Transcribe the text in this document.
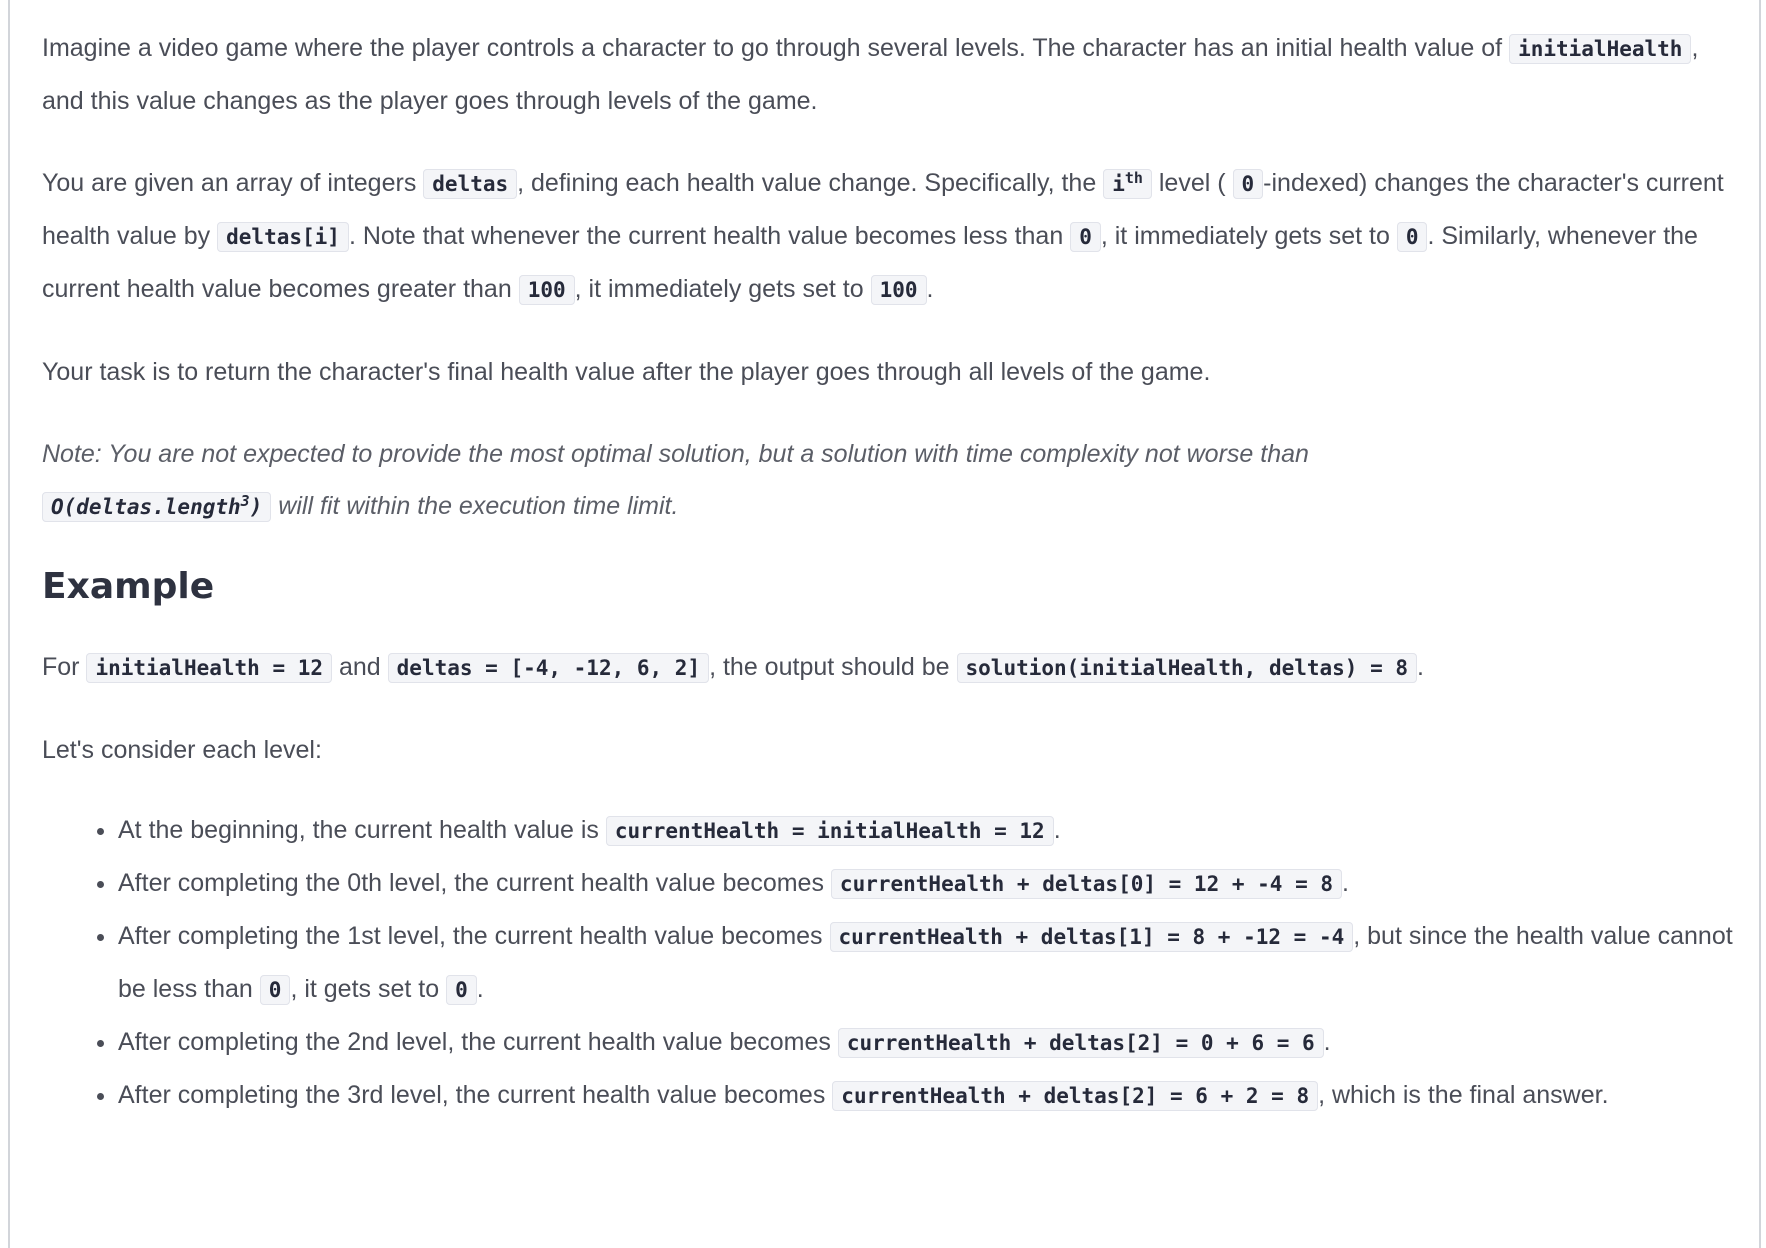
Imagine a video game where the player controls a character to go through several levels. The character has an initial health value of initialHealth , and this value changes as the player goes through levels of the game.

You are given an array of integers deltas , defining each health value change. Specifically, the $i^{th}$ level ( 0 -indexed) changes the character's current health value by deltas[i] . Note that whenever the current health value becomes less than 0 , it immediately gets set to 0 . Similarly, whenever the current health value becomes greater than 100 , it immediately gets set to 100 .

Your task is to return the character's final health value after the player goes through all levels of the game.

Note: You are not expected to provide the most optimal solution, but a solution with time complexity not worse than
O(deltas.length$^3$) will fit within the execution time limit.

Example

For initialHealth = 12 and deltas = [-4, -12, 6, 2] , the output should be solution(initialHealth, deltas) = 8 .

Let's consider each level:

• At the beginning, the current health value is currentHealth = initialHealth = 12 .
• After completing the 0th level, the current health value becomes currentHealth + deltas[0] = 12 + -4 = 8 .
• After completing the 1st level, the current health value becomes currentHealth + deltas[1] = 8 + -12 = -4 , but since the health value cannot be less than 0 , it gets set to 0 .
• After completing the 2nd level, the current health value becomes currentHealth + deltas[2] = 0 + 6 = 6 .
• After completing the 3rd level, the current health value becomes currentHealth + deltas[2] = 6 + 2 = 8 , which is the final answer.
